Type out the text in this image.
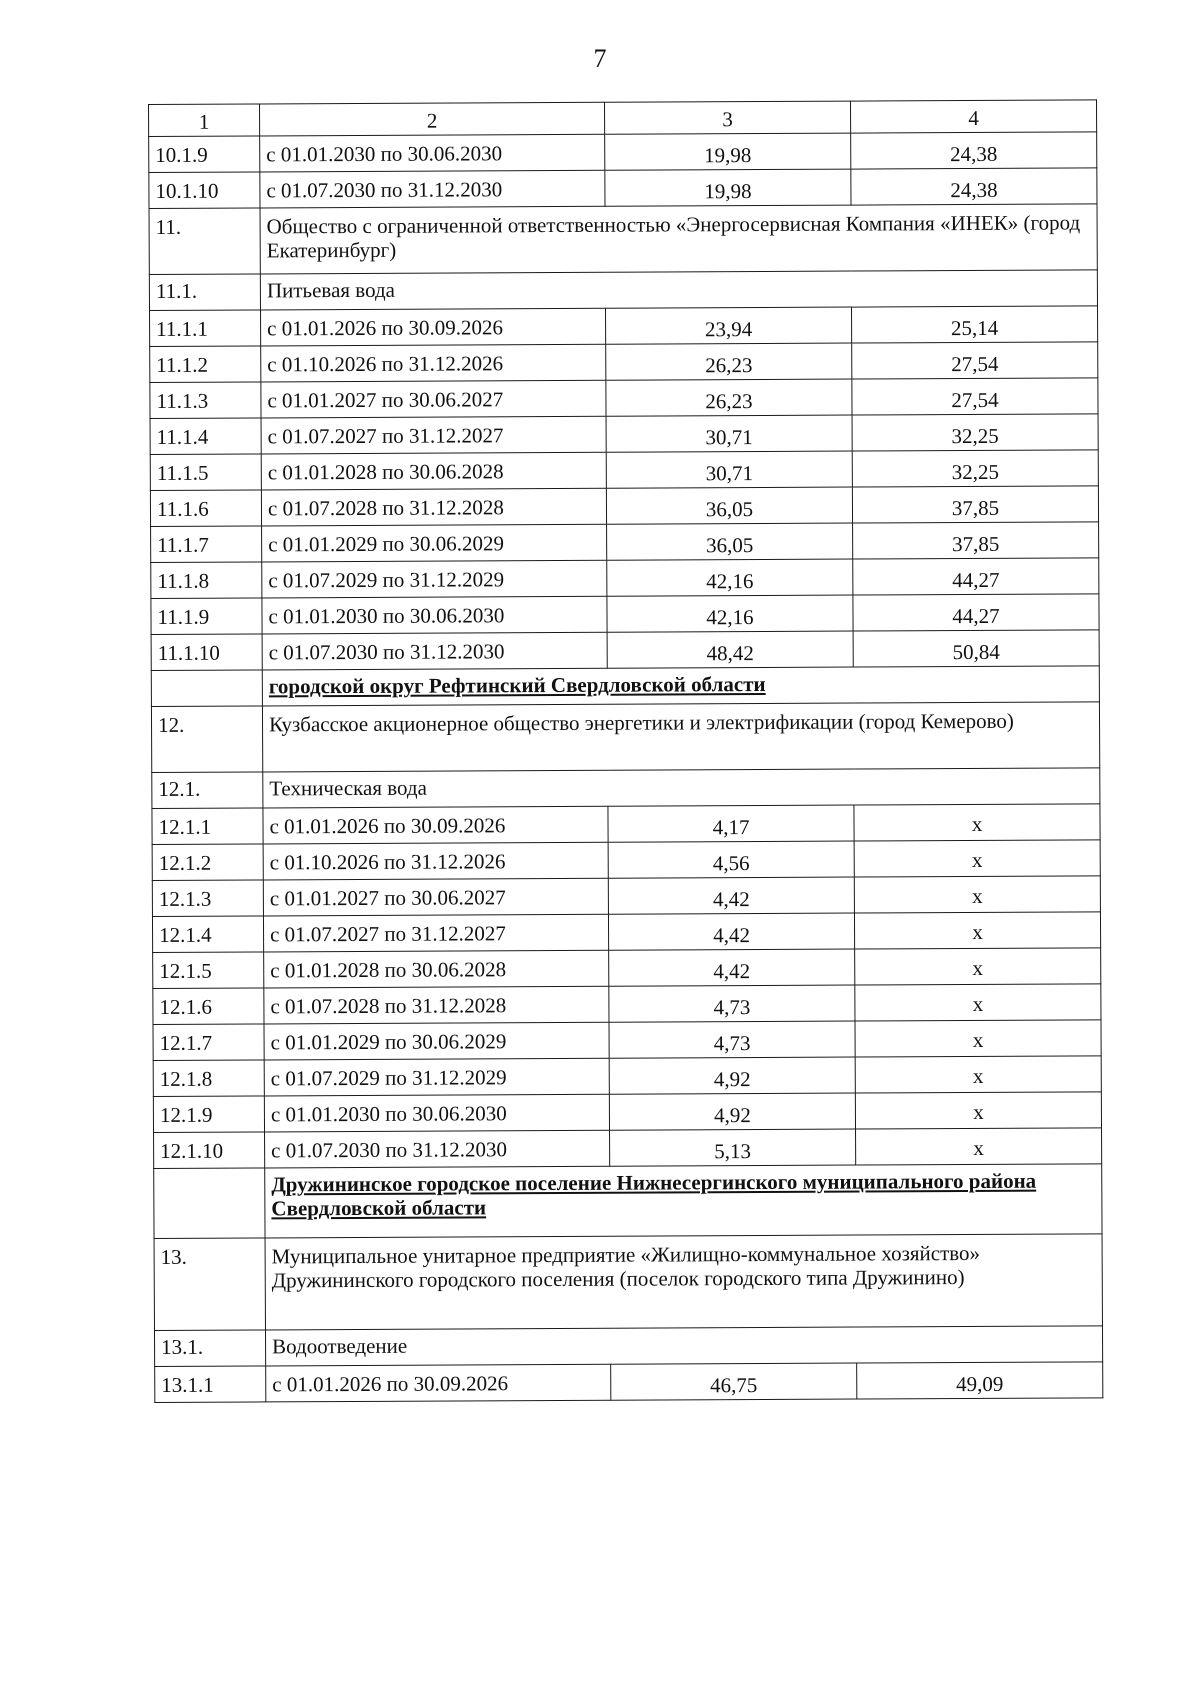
7
1	2	3	4
10.1.9	с 01.01.2030 по 30.06.2030	19,98	24,38
10.1.10	с 01.07.2030 по 31.12.2030	19,98	24,38
11.	Общество с ограниченной ответственностью «Энергосервисная Компания «ИНЕК» (город Екатеринбург)		
11.1.	Питьевая вода		
11.1.1	с 01.01.2026 по 30.09.2026	23,94	25,14
11.1.2	с 01.10.2026 по 31.12.2026	26,23	27,54
11.1.3	с 01.01.2027 по 30.06.2027	26,23	27,54
11.1.4	с 01.07.2027 по 31.12.2027	30,71	32,25
11.1.5	с 01.01.2028 по 30.06.2028	30,71	32,25
11.1.6	с 01.07.2028 по 31.12.2028	36,05	37,85
11.1.7	с 01.01.2029 по 30.06.2029	36,05	37,85
11.1.8	с 01.07.2029 по 31.12.2029	42,16	44,27
11.1.9	с 01.01.2030 по 30.06.2030	42,16	44,27
11.1.10	с 01.07.2030 по 31.12.2030	48,42	50,84
	городской округ Рефтинский Свердловской области		
12.	Кузбасское акционерное общество энергетики и электрификации (город Кемерово)		
12.1.	Техническая вода		
12.1.1	с 01.01.2026 по 30.09.2026	4,17	х
12.1.2	с 01.10.2026 по 31.12.2026	4,56	х
12.1.3	с 01.01.2027 по 30.06.2027	4,42	х
12.1.4	с 01.07.2027 по 31.12.2027	4,42	х
12.1.5	с 01.01.2028 по 30.06.2028	4,42	х
12.1.6	с 01.07.2028 по 31.12.2028	4,73	х
12.1.7	с 01.01.2029 по 30.06.2029	4,73	х
12.1.8	с 01.07.2029 по 31.12.2029	4,92	х
12.1.9	с 01.01.2030 по 30.06.2030	4,92	х
12.1.10	с 01.07.2030 по 31.12.2030	5,13	х
	Дружининское городское поселение Нижнесергинского муниципального района Свердловской области		
13.	Муниципальное унитарное предприятие «Жилищно-коммунальное хозяйство» Дружининского городского поселения (поселок городского типа Дружинино)		
13.1.	Водоотведение		
13.1.1	с 01.01.2026 по 30.09.2026	46,75	49,09
